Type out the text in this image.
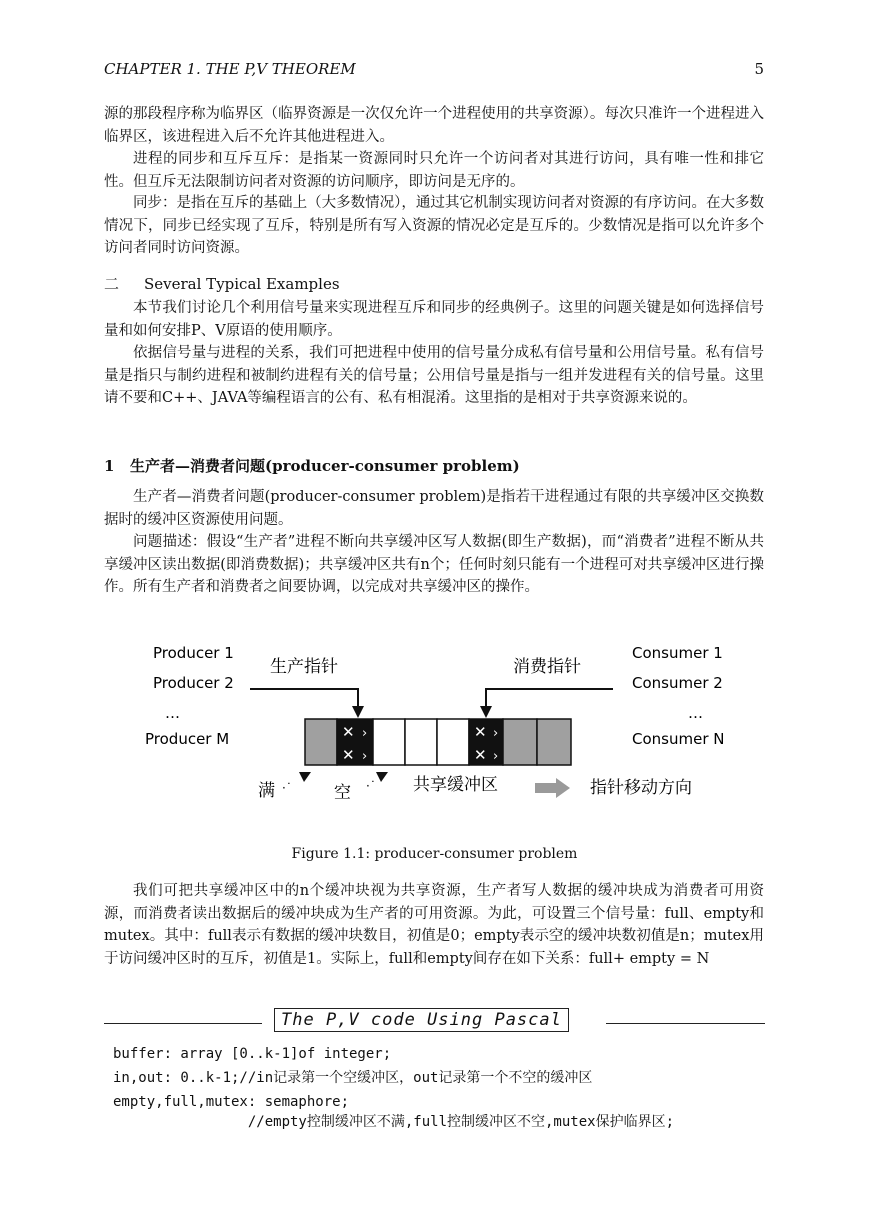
CHAPTER 1. THE P,V THEOREM	5
源的那段程序称为临界区（临界资源是一次仅允许一个进程使用的共享资源）。每次只准许一个进程进入临界区，该进程进入后不允许其他进程进入。
进程的同步和互斥互斥：是指某一资源同时只允许一个访问者对其进行访问，具有唯一性和排它性。但互斥无法限制访问者对资源的访问顺序，即访问是无序的。
同步：是指在互斥的基础上（大多数情况），通过其它机制实现访问者对资源的有序访问。在大多数情况下，同步已经实现了互斥，特别是所有写入资源的情况必定是互斥的。少数情况是指可以允许多个访问者同时访问资源。
二 Several Typical Examples
本节我们讨论几个利用信号量来实现进程互斥和同步的经典例子。这里的问题关键是如何选择信号量和如何安排P、V原语的使用顺序。
依据信号量与进程的关系，我们可把进程中使用的信号量分成私有信号量和公用信号量。私有信号量是指只与制约进程和被制约进程有关的信号量；公用信号量是指与一组并发进程有关的信号量。这里请不要和C++、JAVA等编程语言的公有、私有相混淆。这里指的是相对于共享资源来说的。
1 生产者—消费者问题(producer-consumer problem)
生产者—消费者问题(producer-consumer problem)是指若干进程通过有限的共享缓冲区交换数据时的缓冲区资源使用问题。
问题描述：假设“生产者”进程不断向共享缓冲区写人数据(即生产数据)，而“消费者”进程不断从共享缓冲区读出数据(即消费数据)；共享缓冲区共有n个；任何时刻只能有一个进程可对共享缓冲区进行操作。所有生产者和消费者之间要协调，以完成对共享缓冲区的操作。
Producer 1
Producer 2
…
Producer M
Consumer 1
Consumer 2
…
Consumer N
生产指针	消费指针
✕
✕
›
›
✕
✕
›
›
满 ·˙ 空 ·˙ 共享缓冲区	指针移动方向
Figure 1.1: producer-consumer problem
我们可把共享缓冲区中的n个缓冲块视为共享资源，生产者写人数据的缓冲块成为消费者可用资源，而消费者读出数据后的缓冲块成为生产者的可用资源。为此，可设置三个信号量：full、empty和mutex。其中：full表示有数据的缓冲块数目，初值是0；empty表示空的缓冲块数初值是n；mutex用于访问缓冲区时的互斥，初值是1。实际上，full和empty间存在如下关系：full+ empty = N
The P,V code Using Pascal
buffer: array [0..k-1]of integer;
in,out: 0..k-1;//in记录第一个空缓冲区，out记录第一个不空的缓冲区
empty,full,mutex: semaphore;
//empty控制缓冲区不满,full控制缓冲区不空,mutex保护临界区;
